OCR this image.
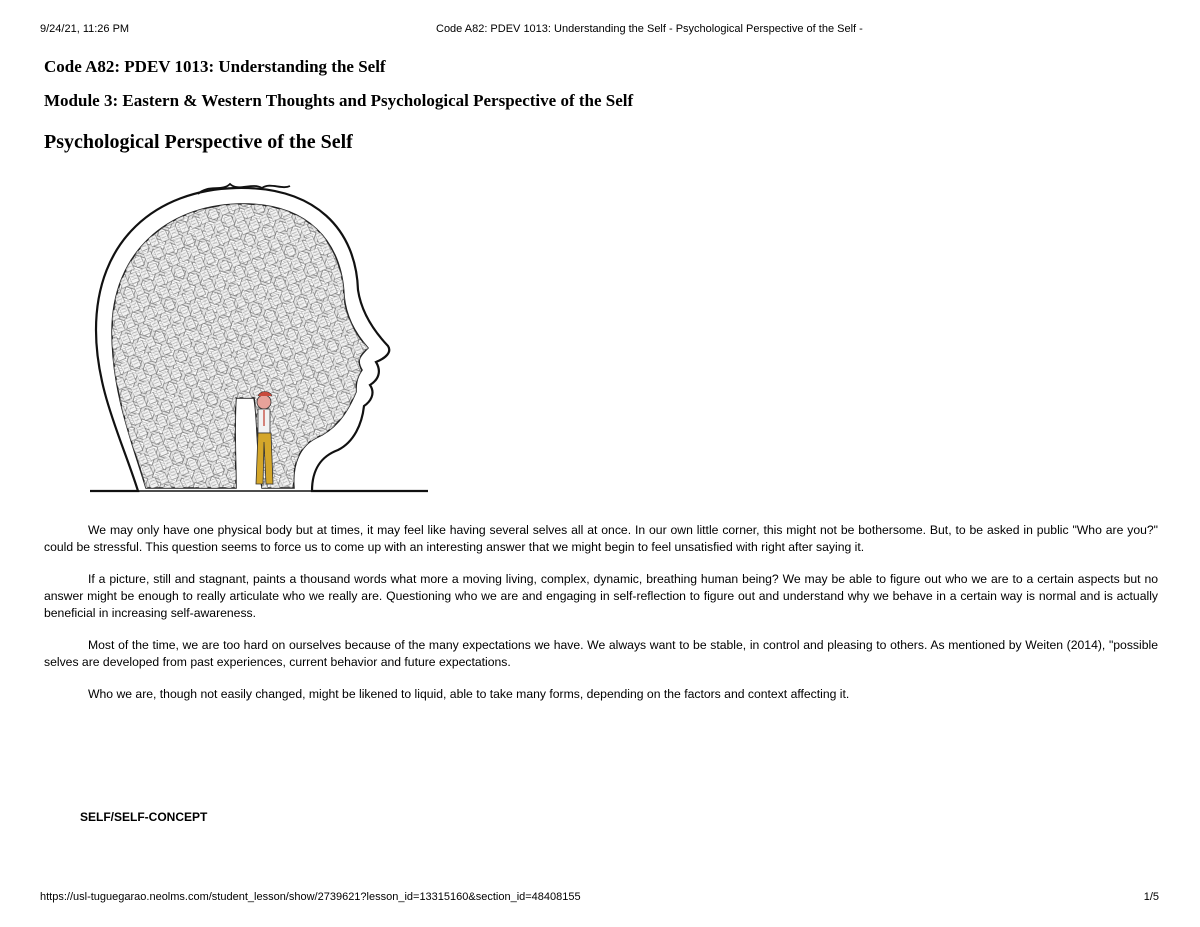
9/24/21, 11:26 PM	Code A82: PDEV 1013: Understanding the Self - Psychological Perspective of the Self -
Code A82: PDEV 1013: Understanding the Self
Module 3: Eastern & Western Thoughts and Psychological Perspective of the Self
Psychological Perspective of the Self

We may only have one physical body but at times, it may feel like having several selves all at once. In our own little corner, this might not be bothersome. But, to be asked in public "Who are you?" could be stressful. This question seems to force us to come up with an interesting answer that we might begin to feel unsatisfied with right after saying it.

If a picture, still and stagnant, paints a thousand words what more a moving living, complex, dynamic, breathing human being? We may be able to figure out who we are to a certain aspects but no answer might be enough to really articulate who we really are. Questioning who we are and engaging in self-reflection to figure out and understand why we behave in a certain way is normal and is actually beneficial in increasing self-awareness.

Most of the time, we are too hard on ourselves because of the many expectations we have. We always want to be stable, in control and pleasing to others. As mentioned by Weiten (2014), "possible selves are developed from past experiences, current behavior and future expectations.

Who we are, though not easily changed, might be likened to liquid, able to take many forms, depending on the factors and context affecting it.

SELF/SELF-CONCEPT
https://usl-tuguegarao.neolms.com/student_lesson/show/2739621?lesson_id=13315160&section_id=48408155	1/5
